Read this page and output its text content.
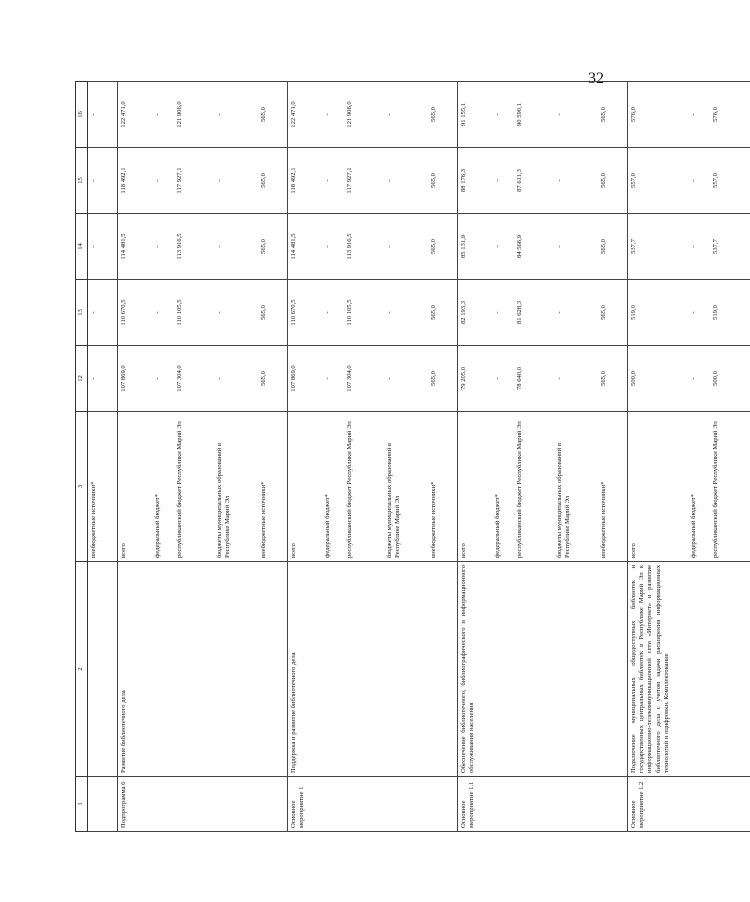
32
1	2	3	12	13	14	15	16
		внебюджетные источники*	-	-	-	-	-
Подпрограмма 6	Развитие библиотечного дела	всего	107 869,0	110 670,5	114 481,5	118 492,1	122 471,0
		федеральный бюджет*	-	-	-	-	-
		республиканский бюджет Республики Марий Эл	107 304,0	110 105,5	113 916,5	117 927,1	121 906,0
		бюджеты муниципальных образований в Республике Марий Эл	-	-	-	-	-
		внебюджетные источники*	565,0	565,0	565,0	565,0	565,0
Основное мероприятие 1	Поддержка и развитие библиотечного дела	всего	107 869,0	110 670,5	114 481,5	118 492,1	122 471,0
		федеральный бюджет*	-	-	-	-	-
		республиканский бюджет Республики Марий Эл	107 304,0	110 105,5	113 916,5	117 927,1	121 906,0
		бюджеты муниципальных образований в Республике Марий Эл	-	-	-	-	-
		внебюджетные источники*	565,0	565,0	565,0	565,0	565,0
Основное мероприятие 1.1	Обеспечение библиотечного, библиографического и информационного обслуживания населения	всего	79 205,0	82 193,3	85 131,9	88 176,3	91 155,1
		федеральный бюджет*	-	-	-	-	-
		республиканский бюджет Республики Марий Эл	78 640,0	81 628,3	84 566,9	87 611,3	90 590,1
		бюджеты муниципальных образований в Республике Марий Эл	-	-	-	-	-
		внебюджетные источники*	565,0	565,0	565,0	565,0	565,0
Основное мероприятие 1.2	Подключение муниципальных общедоступных библиотек и государственных центральных библиотек в Республике Марий Эл к информационно-телекоммуникационной сети «Интернет» и развитие библиотечного дела с учетом задачи расширения информационных технологий и оцифровки. Комплектование	всего	500,0	519,0	537,7	557,0	576,0
		федеральный бюджет*	-	-	-	-	-
		республиканский бюджет Республики Марий Эл	500,0	519,0	537,7	557,0	576,0
